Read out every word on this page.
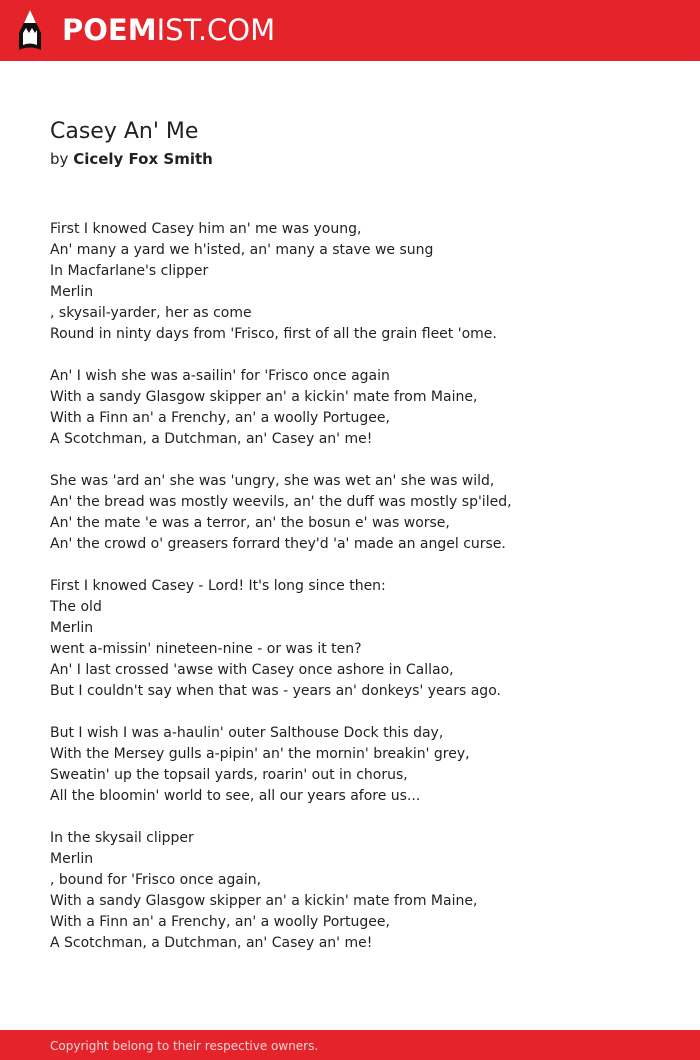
POEMIST.COM
Casey An' Me
by Cicely Fox Smith
First I knowed Casey him an' me was young,
An' many a yard we h'isted, an' many a stave we sung
In Macfarlane's clipper
Merlin
, skysail-yarder, her as come
Round in ninty days from 'Frisco, first of all the grain fleet 'ome.
An' I wish she was a-sailin' for 'Frisco once again
With a sandy Glasgow skipper an' a kickin' mate from Maine,
With a Finn an' a Frenchy, an' a woolly Portugee,
A Scotchman, a Dutchman, an' Casey an' me!
She was 'ard an' she was 'ungry, she was wet an' she was wild,
An' the bread was mostly weevils, an' the duff was mostly sp'iled,
An' the mate 'e was a terror, an' the bosun e' was worse,
An' the crowd o' greasers forrard they'd 'a' made an angel curse.
First I knowed Casey - Lord! It's long since then:
The old
Merlin
went a-missin' nineteen-nine - or was it ten?
An' I last crossed 'awse with Casey once ashore in Callao,
But I couldn't say when that was - years an' donkeys' years ago.
But I wish I was a-haulin' outer Salthouse Dock this day,
With the Mersey gulls a-pipin' an' the mornin' breakin' grey,
Sweatin' up the topsail yards, roarin' out in chorus,
All the bloomin' world to see, all our years afore us...
In the skysail clipper
Merlin
, bound for 'Frisco once again,
With a sandy Glasgow skipper an' a kickin' mate from Maine,
With a Finn an' a Frenchy, an' a woolly Portugee,
A Scotchman, a Dutchman, an' Casey an' me!
Copyright belong to their respective owners.
